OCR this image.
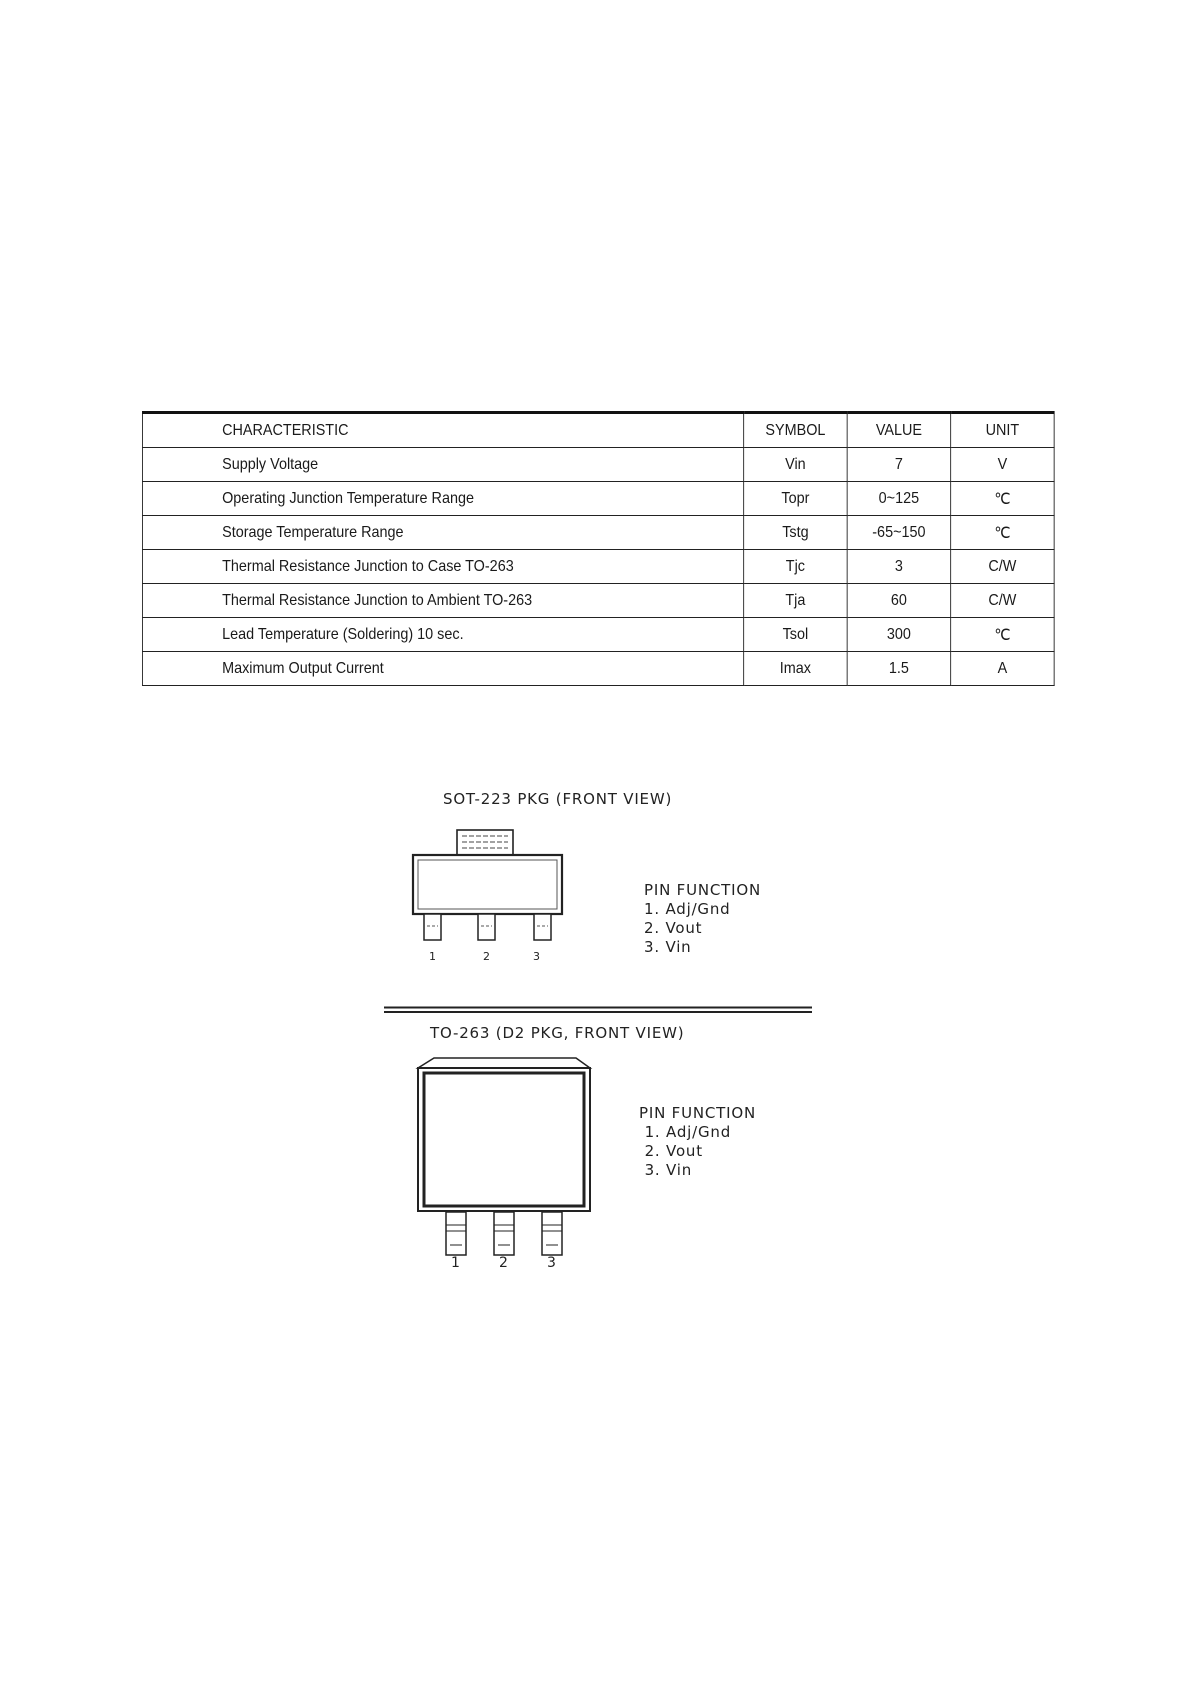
CHARACTERISTIC	SYMBOL	VALUE	UNIT
Supply Voltage	Vin	7	V
Operating Junction Temperature Range	Topr	0~125	℃
Storage Temperature Range	Tstg	-65~150	℃
Thermal Resistance Junction to Case TO-263	Tjc	3	C/W
Thermal Resistance Junction to Ambient TO-263	Tja	60	C/W
Lead Temperature (Soldering) 10 sec.	Tsol	300	℃
Maximum Output Current	Imax	1.5	A
SOT-223 PKG (FRONT VIEW)
1	2	3
PIN FUNCTION
1. Adj/Gnd
2. Vout
3. Vin
TO-263 (D2 PKG, FRONT VIEW)
1	2	3
PIN FUNCTION
1. Adj/Gnd
2. Vout
3. Vin
